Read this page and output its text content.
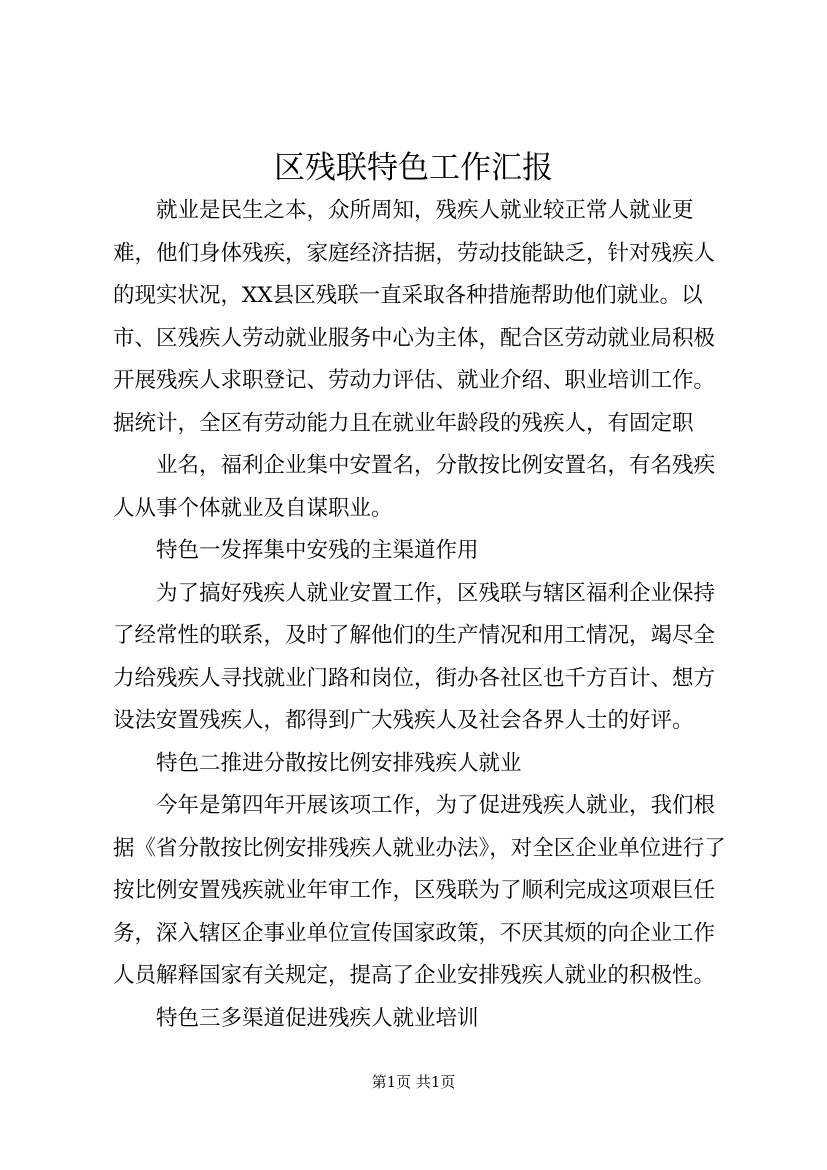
区残联特色工作汇报

就业是民生之本，众所周知，残疾人就业较正常人就业更难，他们身体残疾，家庭经济拮据，劳动技能缺乏，针对残疾人的现实状况，XX县区残联一直采取各种措施帮助他们就业。以市、区残疾人劳动就业服务中心为主体，配合区劳动就业局积极开展残疾人求职登记、劳动力评估、就业介绍、职业培训工作。据统计，全区有劳动能力且在就业年龄段的残疾人，有固定职

业名，福利企业集中安置名，分散按比例安置名，有名残疾人从事个体就业及自谋职业。

特色一发挥集中安残的主渠道作用

为了搞好残疾人就业安置工作，区残联与辖区福利企业保持了经常性的联系，及时了解他们的生产情况和用工情况，竭尽全力给残疾人寻找就业门路和岗位，街办各社区也千方百计、想方设法安置残疾人，都得到广大残疾人及社会各界人士的好评。

特色二推进分散按比例安排残疾人就业

今年是第四年开展该项工作，为了促进残疾人就业，我们根据《省分散按比例安排残疾人就业办法》，对全区企业单位进行了按比例安置残疾就业年审工作，区残联为了顺利完成这项艰巨任务，深入辖区企事业单位宣传国家政策，不厌其烦的向企业工作人员解释国家有关规定，提高了企业安排残疾人就业的积极性。

特色三多渠道促进残疾人就业培训

第1页 共1页
